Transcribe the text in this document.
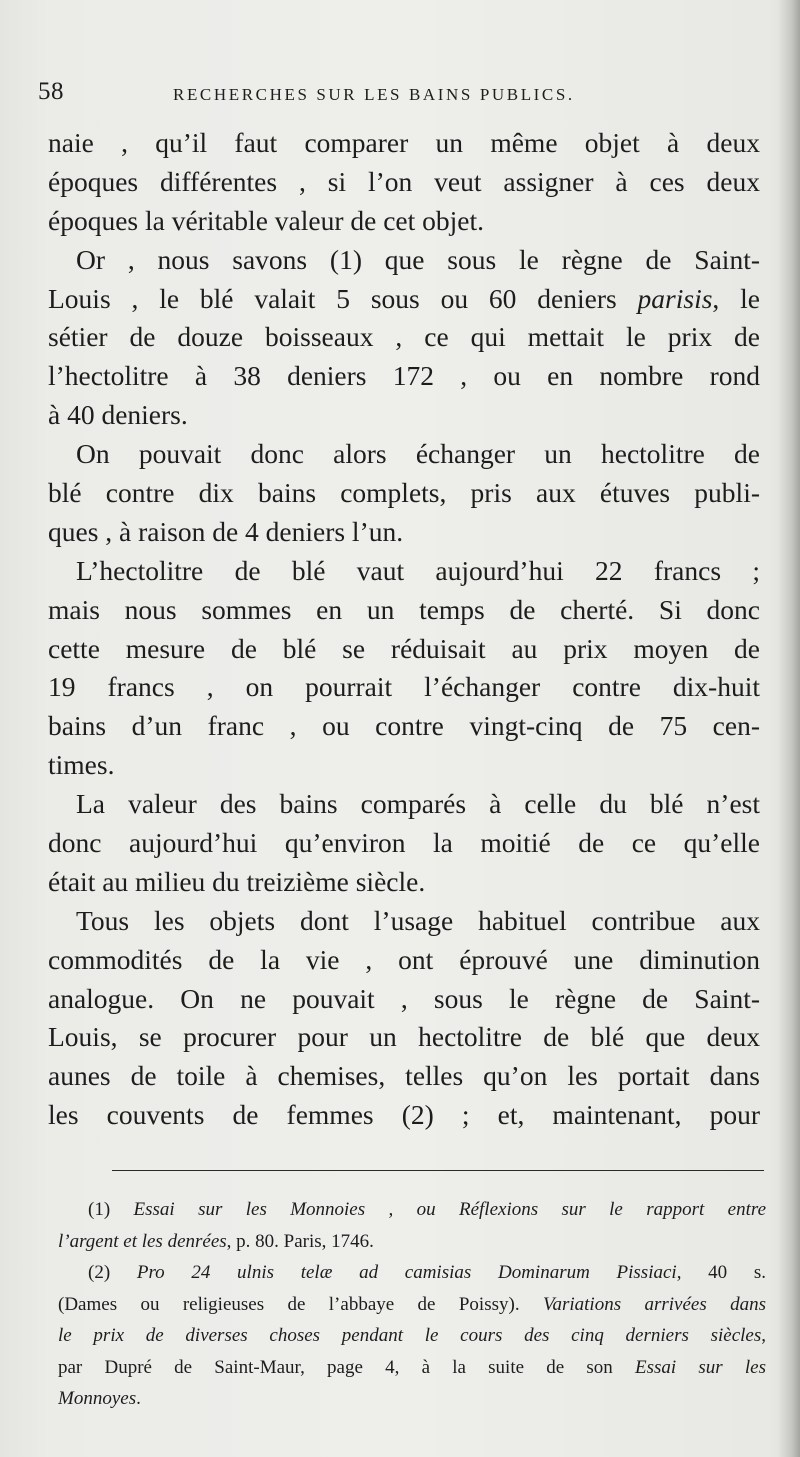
58	RECHERCHES SUR LES BAINS PUBLICS.
naie , qu’il faut comparer un même objet à deux
époques différentes , si l’on veut assigner à ces deux
époques la véritable valeur de cet objet.
Or , nous savons (1) que sous le règne de Saint-
Louis , le blé valait 5 sous ou 60 deniers parisis, le
sétier de douze boisseaux , ce qui mettait le prix de
l’hectolitre à 38 deniers 172 , ou en nombre rond
à 40 deniers.
On pouvait donc alors échanger un hectolitre de
blé contre dix bains complets, pris aux étuves publi-
ques , à raison de 4 deniers l’un.
L’hectolitre de blé vaut aujourd’hui 22 francs ;
mais nous sommes en un temps de cherté. Si donc
cette mesure de blé se réduisait au prix moyen de
19 francs , on pourrait l’échanger contre dix-huit
bains d’un franc , ou contre vingt-cinq de 75 cen-
times.
La valeur des bains comparés à celle du blé n’est
donc aujourd’hui qu’environ la moitié de ce qu’elle
était au milieu du treizième siècle.
Tous les objets dont l’usage habituel contribue aux
commodités de la vie , ont éprouvé une diminution
analogue. On ne pouvait , sous le règne de Saint-
Louis, se procurer pour un hectolitre de blé que deux
aunes de toile à chemises, telles qu’on les portait dans
les couvents de femmes (2) ; et, maintenant, pour
(1) Essai sur les Monnoies , ou Réflexions sur le rapport entre
l’argent et les denrées, p. 80. Paris, 1746.
(2) Pro 24 ulnis telæ ad camisias Dominarum Pissiaci, 40 s.
(Dames ou religieuses de l’abbaye de Poissy). Variations arrivées dans
le prix de diverses choses pendant le cours des cinq derniers siècles,
par Dupré de Saint-Maur, page 4, à la suite de son Essai sur les
Monnoyes.
